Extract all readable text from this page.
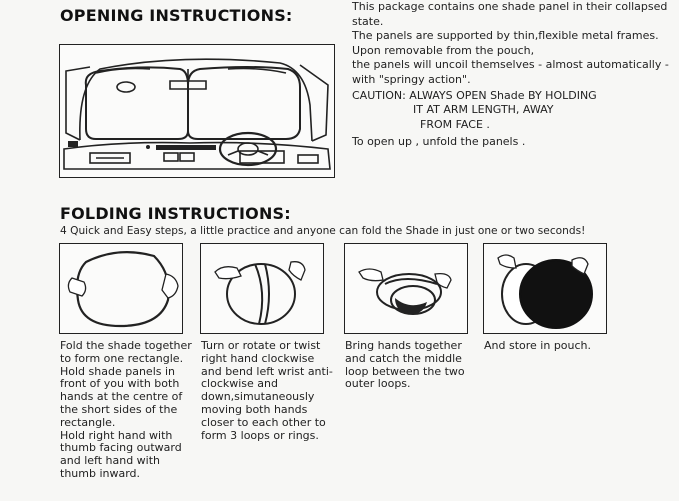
OPENING INSTRUCTIONS:	This package contains one shade panel in their collapsed state.

The panels are supported by thin,flexible metal frames.

Upon removable from the pouch,

the panels will uncoil themselves - almost automatically - with "springy action".

CAUTION: ALWAYS OPEN Shade BY HOLDING
IT AT ARM LENGTH, AWAY
FROM FACE .

To open up , unfold the panels .

FOLDING INSTRUCTIONS:
4 Quick and Easy steps, a little practice and anyone can fold the Shade in just one or two seconds!

Fold the shade together to form one rectangle.

Hold shade panels in front of you with both hands at the centre of the short sides of the rectangle.

Hold right hand with thumb facing outward and left hand with thumb inward.

Turn or rotate or twist right hand clockwise and bend left wrist anti-clockwise and down,simutaneously moving both hands closer to each other to form 3 loops or rings.

Bring hands together and catch the middle loop between the two outer loops.

And store in pouch.
